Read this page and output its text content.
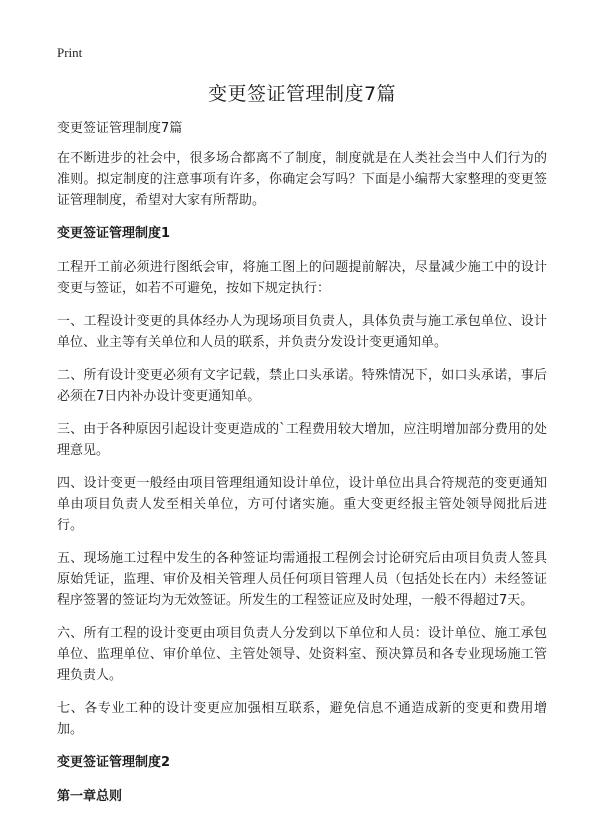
Print
变更签证管理制度7篇

变更签证管理制度7篇

在不断进步的社会中，很多场合都离不了制度，制度就是在人类社会当中人们行为的准则。拟定制度的注意事项有许多，你确定会写吗？下面是小编帮大家整理的变更签证管理制度，希望对大家有所帮助。

变更签证管理制度1

工程开工前必须进行图纸会审，将施工图上的问题提前解决，尽量减少施工中的设计变更与签证，如若不可避免，按如下规定执行：

一、工程设计变更的具体经办人为现场项目负责人，具体负责与施工承包单位、设计单位、业主等有关单位和人员的联系，并负责分发设计变更通知单。

二、所有设计变更必须有文字记载，禁止口头承诺。特殊情况下，如口头承诺，事后必须在7日内补办设计变更通知单。

三、由于各种原因引起设计变更造成的`工程费用较大增加，应注明增加部分费用的处理意见。

四、设计变更一般经由项目管理组通知设计单位，设计单位出具合符规范的变更通知单由项目负责人发至相关单位，方可付诸实施。重大变更经报主管处领导阅批后进行。

五、现场施工过程中发生的各种签证均需通报工程例会讨论研究后由项目负责人签具原始凭证，监理、审价及相关管理人员任何项目管理人员（包括处长在内）未经签证程序签署的签证均为无效签证。所发生的工程签证应及时处理，一般不得超过7天。

六、所有工程的设计变更由项目负责人分发到以下单位和人员：设计单位、施工承包单位、监理单位、审价单位、主管处领导、处资料室、预决算员和各专业现场施工管理负责人。

七、各专业工种的设计变更应加强相互联系，避免信息不通造成新的变更和费用增加。

变更签证管理制度2
第一章总则
